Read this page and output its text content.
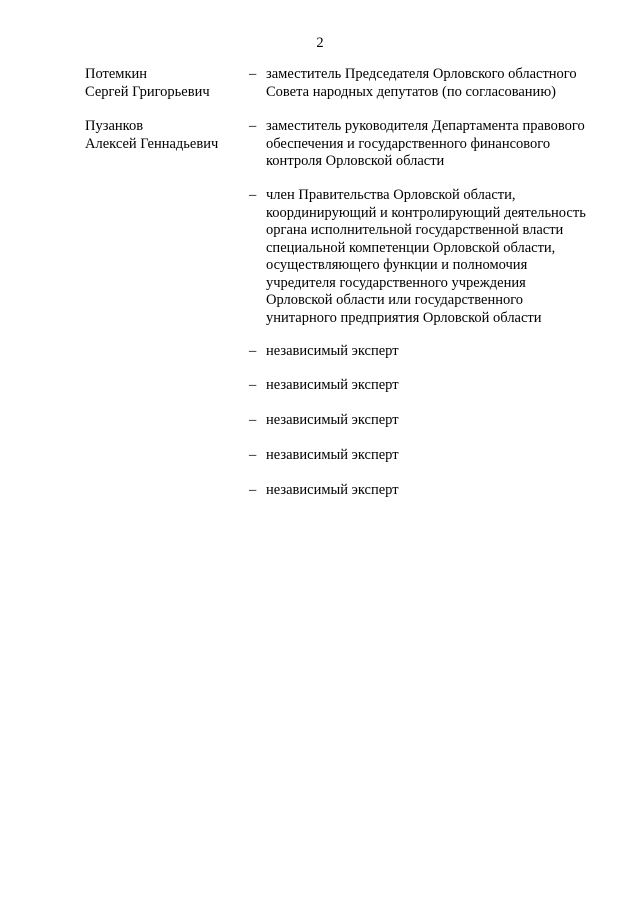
2
Потемкин
Сергей Григорьевич
– заместитель Председателя Орловского областного
Совета народных депутатов (по согласованию)
Пузанков
Алексей Геннадьевич
– заместитель руководителя Департамента правового
обеспечения и государственного финансового
контроля Орловской области
– член Правительства Орловской области,
координирующий и контролирующий деятельность
органа исполнительной государственной власти
специальной компетенции Орловской области,
осуществляющего функции и полномочия
учредителя государственного учреждения
Орловской области или государственного
унитарного предприятия Орловской области
– независимый эксперт
– независимый эксперт
– независимый эксперт
– независимый эксперт
– независимый эксперт
